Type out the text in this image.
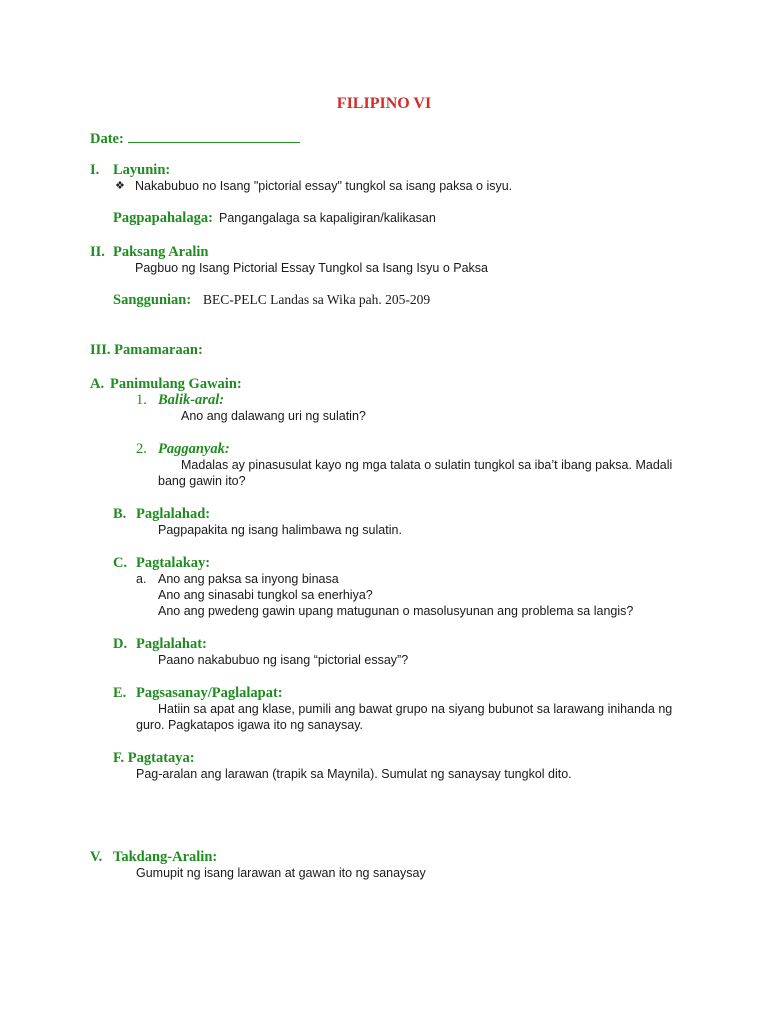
FILIPINO VI
Date:
I. Layunin:
❖ Nakabubuo no Isang "pictorial essay" tungkol sa isang paksa o isyu.
Pagpapahalaga: Pangangalaga sa kapaligiran/kalikasan
II. Paksang Aralin
Pagbuo ng Isang Pictorial Essay Tungkol sa Isang Isyu o Paksa
Sanggunian: BEC-PELC Landas sa Wika pah. 205-209
III. Pamamaraan:
A. Panimulang Gawain:
1. Balik-aral:
Ano ang dalawang uri ng sulatin?
2. Pagganyak:
Madalas ay pinasusulat kayo ng mga talata o sulatin tungkol sa iba’t ibang paksa. Madali
bang gawin ito?
B. Paglalahad:
Pagpapakita ng isang halimbawa ng sulatin.
C. Pagtalakay:
a. Ano ang paksa sa inyong binasa
Ano ang sinasabi tungkol sa enerhiya?
Ano ang pwedeng gawin upang matugunan o masolusyunan ang problema sa langis?
D. Paglalahat:
Paano nakabubuo ng isang “pictorial essay”?
E. Pagsasanay/Paglalapat:
Hatiin sa apat ang klase, pumili ang bawat grupo na siyang bubunot sa larawang inihanda ng
guro. Pagkatapos igawa ito ng sanaysay.
F. Pagtataya:
Pag-aralan ang larawan (trapik sa Maynila). Sumulat ng sanaysay tungkol dito.
V. Takdang-Aralin:
Gumupit ng isang larawan at gawan ito ng sanaysay
